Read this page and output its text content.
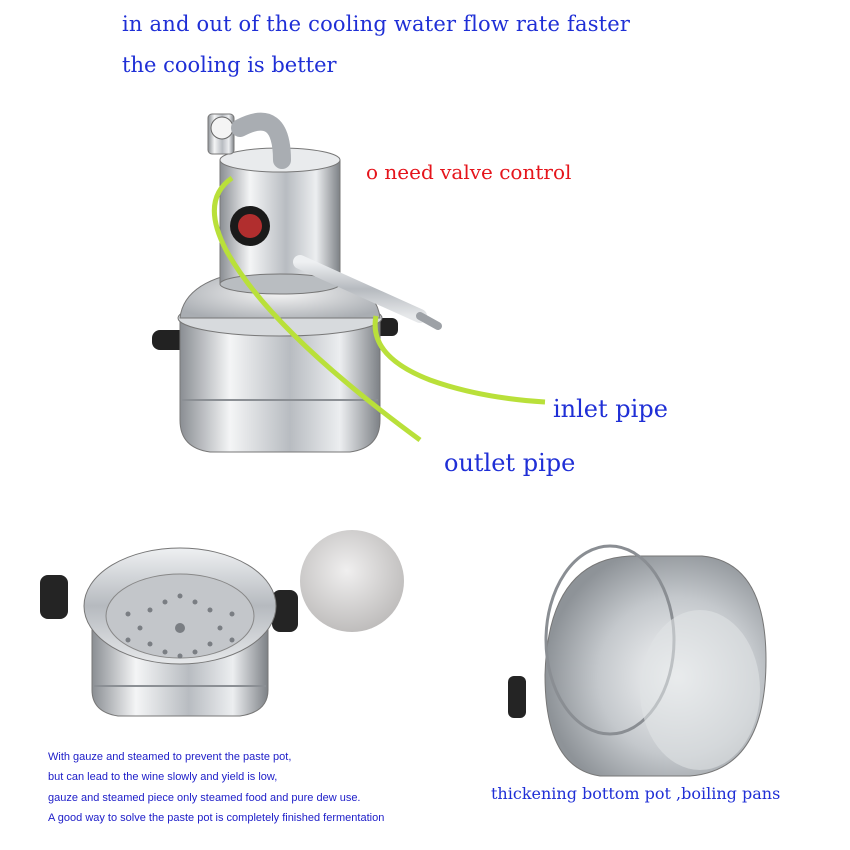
in and out of the cooling water flow rate faster
the cooling is better
o need valve control
inlet pipe
outlet pipe
thickening bottom pot ,boiling pans
With gauze and steamed to prevent the paste pot,
but can lead to the wine slowly and yield is low,
gauze and steamed piece only steamed food and pure dew use.
A good way to solve the paste pot is completely finished fermentation
